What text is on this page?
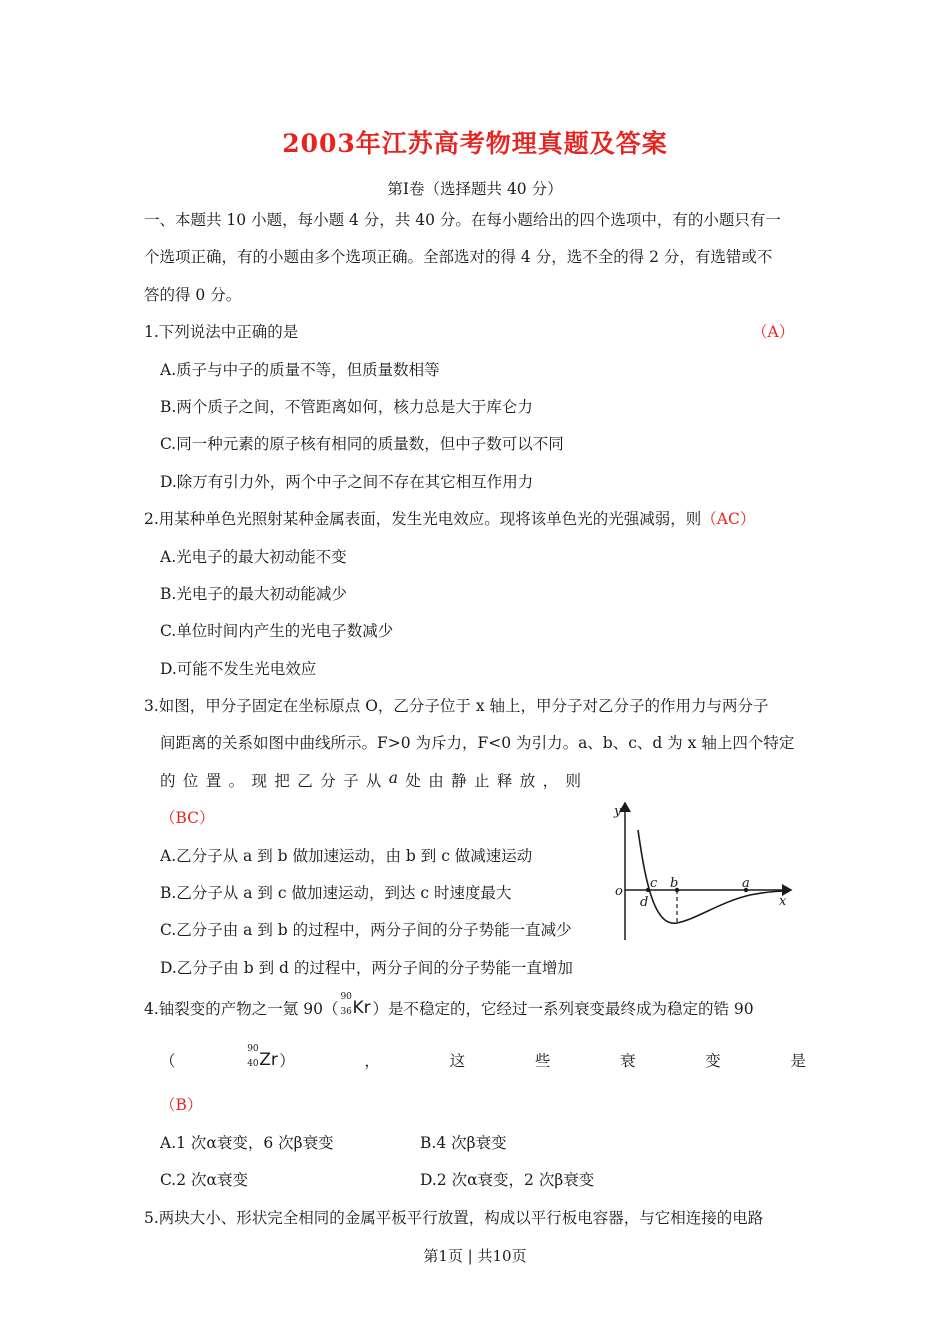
2003年江苏高考物理真题及答案
第Ⅰ卷（选择题共 40 分）
一、本题共 10 小题，每小题 4 分，共 40 分。在每小题给出的四个选项中，有的小题只有一
个选项正确，有的小题由多个选项正确。全部选对的得 4 分，选不全的得 2 分，有选错或不
答的得 0 分。
1.下列说法中正确的是	（A）
A.质子与中子的质量不等，但质量数相等
B.两个质子之间，不管距离如何，核力总是大于库仑力
C.同一种元素的原子核有相同的质量数，但中子数可以不同
D.除万有引力外，两个中子之间不存在其它相互作用力
2.用某种单色光照射某种金属表面，发生光电效应。现将该单色光的光强减弱，则（AC）
A.光电子的最大初动能不变
B.光电子的最大初动能减少
C.单位时间内产生的光电子数减少
D.可能不发生光电效应
3.如图，甲分子固定在坐标原点 O，乙分子位于 x 轴上，甲分子对乙分子的作用力与两分子
间距离的关系如图中曲线所示。F>0 为斥力，F<0 为引力。a、b、c、d 为 x 轴上四个特定
的 位 置 。 现 把 乙 分 子 从 a 处 由 静 止 释 放 ， 则
（BC）
A.乙分子从 a 到 b 做加速运动，由 b 到 c 做减速运动
B.乙分子从 a 到 c 做加速运动，到达 c 时速度最大
C.乙分子由 a 到 b 的过程中，两分子间的分子势能一直减少
D.乙分子由 b 到 d 的过程中，两分子间的分子势能一直增加
y
o
c b	a
d	x
4.铀裂变的产物之一氪 90（
90
36 Kr ）是不稳定的，它经过一系列衰变最终成为稳定的锆 90
（
90
40 Zr ）	，	这	些	衰	变	是
（B）
A.1 次α衰变，6 次β衰变	B.4 次β衰变
C.2 次α衰变	D.2 次α衰变，2 次β衰变
5.两块大小、形状完全相同的金属平板平行放置，构成以平行板电容器，与它相连接的电路
第1页 | 共10页
